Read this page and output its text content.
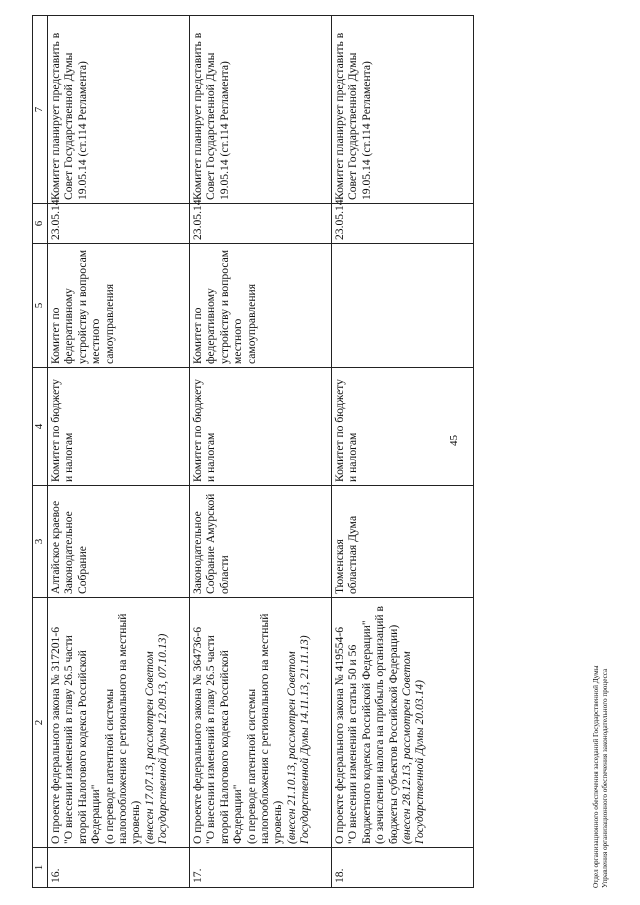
45
1	2	3	4	5	6	7
16.	О проекте федерального закона № 317201-6 "О внесении изменений в главу 26.5 части второй Налогового кодекса Российской Федерации" (о переводе патентной системы налогообложения с регионального на местный уровень) (внесен 17.07.13, рассмотрен Советом Государственной Думы 12.09.13, 07.10.13)	Алтайское краевое Законодательное Собрание	Комитет по бюджету и налогам	Комитет по федеративному устройству и вопросам местного самоуправления	23.05.14	Комитет планирует представить в Совет Государственной Думы 19.05.14 (ст.114 Регламента)
17.	О проекте федерального закона № 364736-6 "О внесении изменений в главу 26.5 части второй Налогового кодекса Российской Федерации" (о переводе патентной системы налогообложения с регионального на местный уровень) (внесен 21.10.13, рассмотрен Советом Государственной Думы 14.11.13, 21.11.13)	Законодательное Собрание Амурской области	Комитет по бюджету и налогам	Комитет по федеративному устройству и вопросам местного самоуправления	23.05.14	Комитет планирует представить в Совет Государственной Думы 19.05.14 (ст.114 Регламента)
18.	О проекте федерального закона № 419554-6 "О внесении изменений в статьи 50 и 56 Бюджетного кодекса Российской Федерации" (о зачислении налога на прибыль организаций в бюджеты субъектов Российской Федерации) (внесен 28.12.13, рассмотрен Советом Государственной Думы 20.03.14)	Тюменская областная Дума	Комитет по бюджету и налогам		23.05.14	Комитет планирует представить в Совет Государственной Думы 19.05.14 (ст.114 Регламента)
Отдел организационного обеспечения заседаний Государственной Думы Управления организационного обеспечения законодательного процесса
